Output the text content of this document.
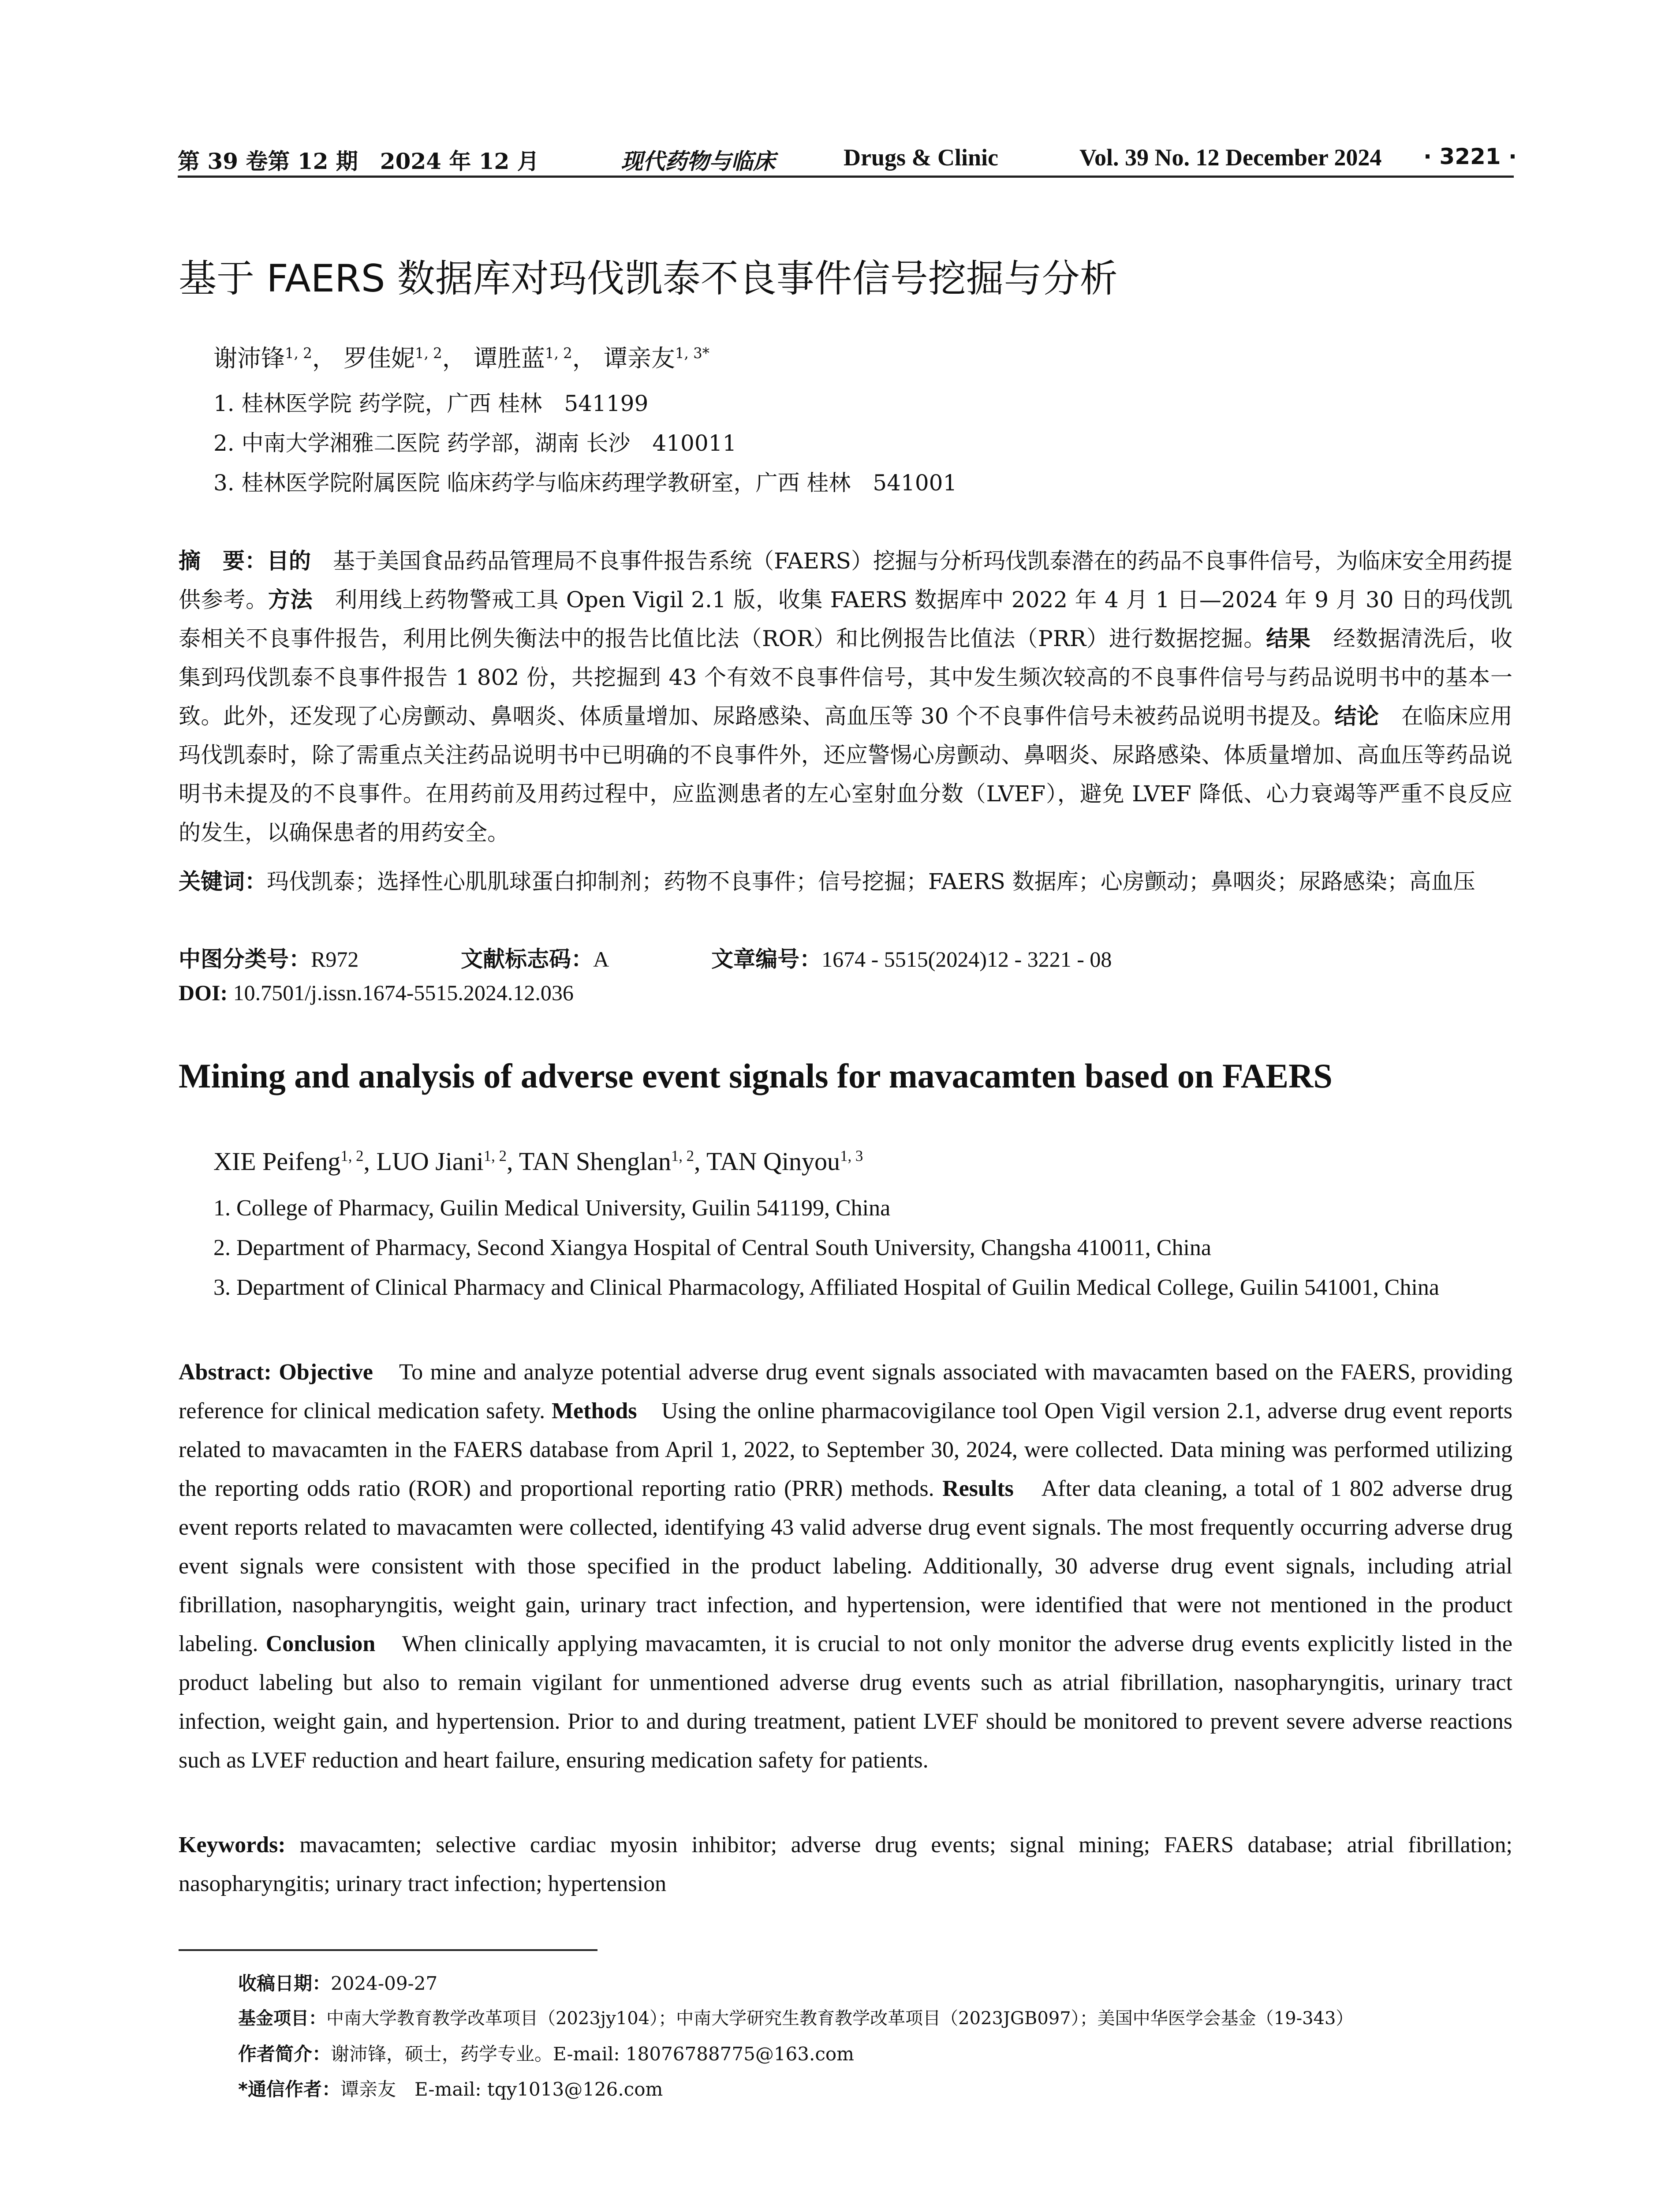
第 39 卷第 12 期　2024 年 12 月	现代药物与临床	Drugs & Clinic	Vol. 39 No. 12 December 2024 · 3221 ·
基于 FAERS 数据库对玛伐凯泰不良事件信号挖掘与分析
谢沛锋$^{1, 2}$， 罗佳妮$^{1, 2}$， 谭胜蓝$^{1, 2}$， 谭亲友$^{1, 3*}$
1. 桂林医学院 药学院，广西 桂林　541199
2. 中南大学湘雅二医院 药学部，湖南 长沙　410011
3. 桂林医学院附属医院 临床药学与临床药理学教研室，广西 桂林　541001
摘　要：目的　基于美国食品药品管理局不良事件报告系统（FAERS）挖掘与分析玛伐凯泰潜在的药品不良事件信号，为临床安全用药提供参考。方法　利用线上药物警戒工具 Open Vigil 2.1 版，收集 FAERS 数据库中 2022 年 4 月 1 日—2024 年 9 月 30 日的玛伐凯泰相关不良事件报告，利用比例失衡法中的报告比值比法（ROR）和比例报告比值法（PRR）进行数据挖掘。结果　经数据清洗后，收集到玛伐凯泰不良事件报告 1 802 份，共挖掘到 43 个有效不良事件信号，其中发生频次较高的不良事件信号与药品说明书中的基本一致。此外，还发现了心房颤动、鼻咽炎、体质量增加、尿路感染、高血压等 30 个不良事件信号未被药品说明书提及。结论　在临床应用玛伐凯泰时，除了需重点关注药品说明书中已明确的不良事件外，还应警惕心房颤动、鼻咽炎、尿路感染、体质量增加、高血压等药品说明书未提及的不良事件。在用药前及用药过程中，应监测患者的左心室射血分数（LVEF），避免 LVEF 降低、心力衰竭等严重不良反应的发生，以确保患者的用药安全。
关键词：玛伐凯泰；选择性心肌肌球蛋白抑制剂；药物不良事件；信号挖掘；FAERS 数据库；心房颤动；鼻咽炎；尿路感染；高血压
中图分类号：R972	文献标志码：A	文章编号：1674 - 5515(2024)12 - 3221 - 08
DOI: 10.7501/j.issn.1674-5515.2024.12.036
Mining and analysis of adverse event signals for mavacamten based on FAERS
XIE Peifeng$^{1, 2}$, LUO Jiani$^{1, 2}$, TAN Shenglan$^{1, 2}$, TAN Qinyou$^{1, 3}$
1. College of Pharmacy, Guilin Medical University, Guilin 541199, China
2. Department of Pharmacy, Second Xiangya Hospital of Central South University, Changsha 410011, China
3. Department of Clinical Pharmacy and Clinical Pharmacology, Affiliated Hospital of Guilin Medical College, Guilin 541001, China
Abstract: Objective　To mine and analyze potential adverse drug event signals associated with mavacamten based on the FAERS, providing reference for clinical medication safety. Methods　Using the online pharmacovigilance tool Open Vigil version 2.1, adverse drug event reports related to mavacamten in the FAERS database from April 1, 2022, to September 30, 2024, were collected. Data mining was performed utilizing the reporting odds ratio (ROR) and proportional reporting ratio (PRR) methods. Results　After data cleaning, a total of 1 802 adverse drug event reports related to mavacamten were collected, identifying 43 valid adverse drug event signals. The most frequently occurring adverse drug event signals were consistent with those specified in the product labeling. Additionally, 30 adverse drug event signals, including atrial fibrillation, nasopharyngitis, weight gain, urinary tract infection, and hypertension, were identified that were not mentioned in the product labeling. Conclusion　When clinically applying mavacamten, it is crucial to not only monitor the adverse drug events explicitly listed in the product labeling but also to remain vigilant for unmentioned adverse drug events such as atrial fibrillation, nasopharyngitis, urinary tract infection, weight gain, and hypertension. Prior to and during treatment, patient LVEF should be monitored to prevent severe adverse reactions such as LVEF reduction and heart failure, ensuring medication safety for patients.
Keywords: mavacamten; selective cardiac myosin inhibitor; adverse drug events; signal mining; FAERS database; atrial fibrillation; nasopharyngitis; urinary tract infection; hypertension
收稿日期：2024-09-27
基金项目：中南大学教育教学改革项目（2023jy104）；中南大学研究生教育教学改革项目（2023JGB097）；美国中华医学会基金（19-343）
作者简介：谢沛锋，硕士，药学专业。E-mail: 18076788775@163.com
*通信作者：谭亲友　E-mail: tqy1013@126.com
